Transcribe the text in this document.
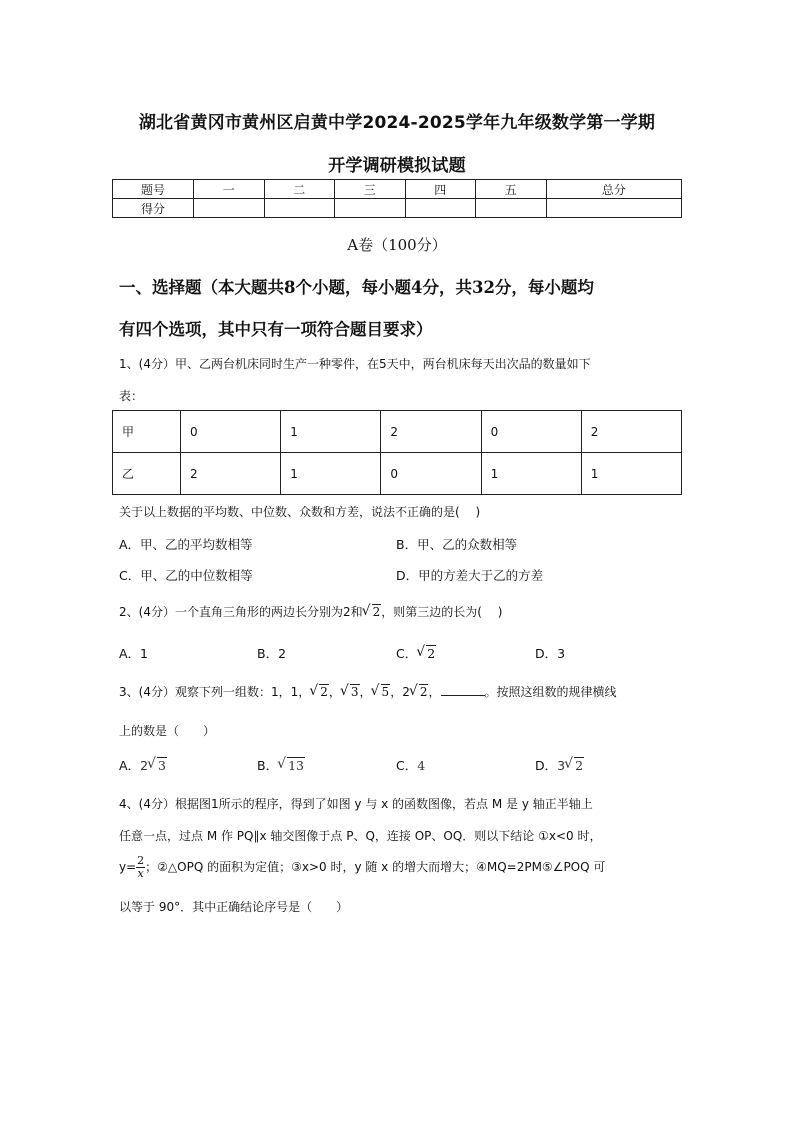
湖北省黄冈市黄州区启黄中学2024-2025学年九年级数学第一学期
开学调研模拟试题
题号	一	二	三	四	五	总分
得分						
A卷（100分）
一、选择题（本大题共8个小题，每小题4分，共32分，每小题均
有四个选项，其中只有一项符合题目要求）
1、(4分）甲、乙两台机床同时生产一种零件，在5天中，两台机床每天出次品的数量如下
表：
甲	0	1	2	0	2
乙	2	1	0	1	1
关于以上数据的平均数、中位数、众数和方差，说法不正确的是(　 )
A．甲、乙的平均数相等	B．甲、乙的众数相等
C．甲、乙的中位数相等	D．甲的方差大于乙的方差
2、(4分）一个直角三角形的两边长分别为2和 √ 2，则第三边的长为(　 )
A．1	B．2	C． √ 2	D．3
3、(4分）观察下列一组数：1，1， √ 2， √ 3， √ 5，2 √ 2，	。按照这组数的规律横线
上的数是（　　）
A．2 √ 3	B． √ 13	C．4	D．3 √ 2
4、(4分）根据图1所示的程序，得到了如图 y 与 x 的函数图像，若点 M 是 y 轴正半轴上
任意一点，过点 M 作 PQ∥x 轴交图像于点 P、Q，连接 OP、OQ．则以下结论 ①x<0 时，
$y= \frac{2}{x}$；②△OPQ 的面积为定值；③x>0 时，y 随 x 的增大而增大；④MQ=2PM⑤∠POQ 可
以等于 90°．其中正确结论序号是（　　）
